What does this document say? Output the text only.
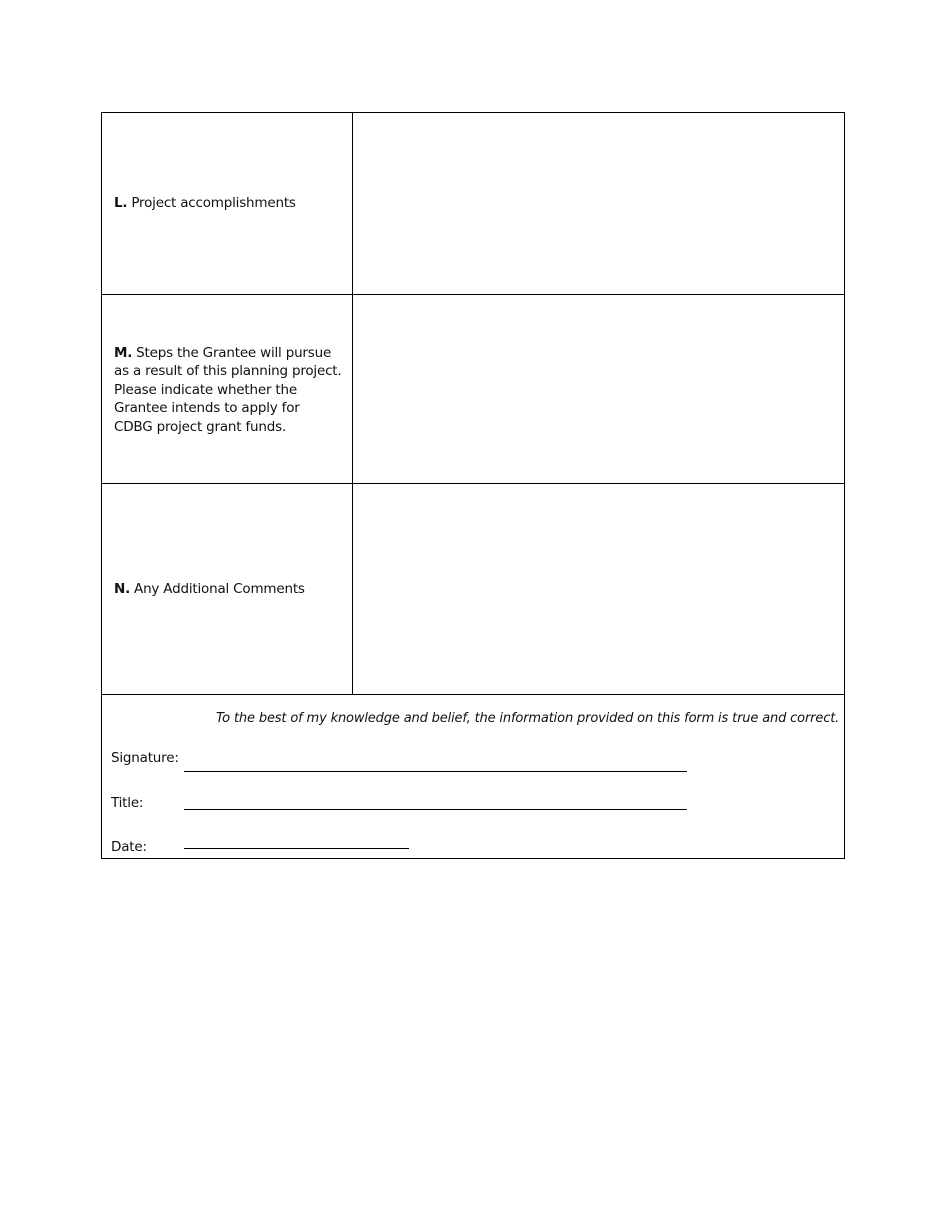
L. Project accomplishments

M. Steps the Grantee will pursue as a result of this planning project. Please indicate whether the Grantee intends to apply for CDBG project grant funds.

N. Any Additional Comments

To the best of my knowledge and belief, the information provided on this form is true and correct.

Signature:
Title:
Date:
